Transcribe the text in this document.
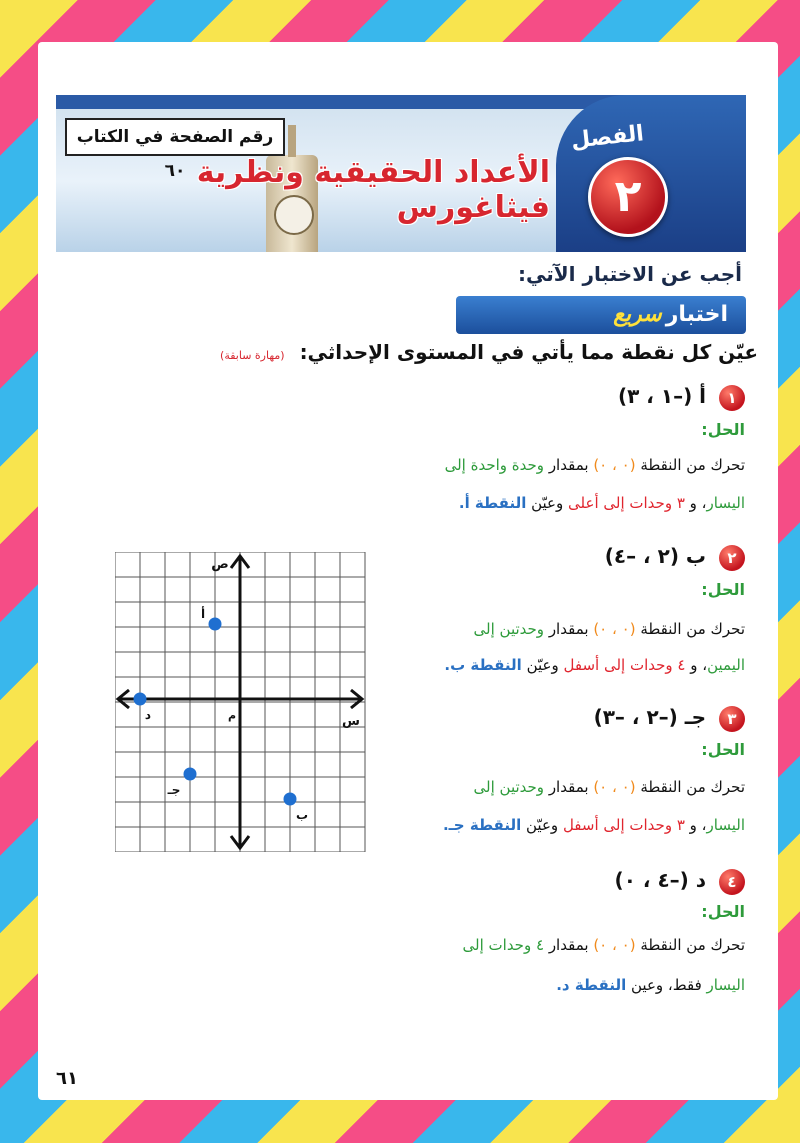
الفصل
٢
رقم الصفحة في الكتاب ٦٠ الأعداد الحقيقية ونظرية فيثاغورس
أجب عن الاختبار الآتي:
اختبارسريع
عيّن كل نقطة مما يأتي في المستوى الإحداثي: (مهارة سابقة)
١ أ (–١ ، ٣)
الحل:
تحرك من النقطة (٠ ، ٠) بمقدار وحدة واحدة إلى
اليسار، و ٣ وحدات إلى أعلى وعيّن النقطة أ.
٢ ب (٢ ، –٤)
الحل:
تحرك من النقطة (٠ ، ٠) بمقدار وحدتين إلى
اليمين، و ٤ وحدات إلى أسفل وعيّن النقطة ب.
٣ جـ (–٢ ، –٣)
الحل:
تحرك من النقطة (٠ ، ٠) بمقدار وحدتين إلى
اليسار، و ٣ وحدات إلى أسفل وعيّن النقطة جـ.
٤ د (–٤ ، ٠)
الحل:
تحرك من النقطة (٠ ، ٠) بمقدار ٤ وحدات إلى
اليسار فقط، وعين النقطة د.
ص
س
م
أ
ب
جـ
د
٦١
